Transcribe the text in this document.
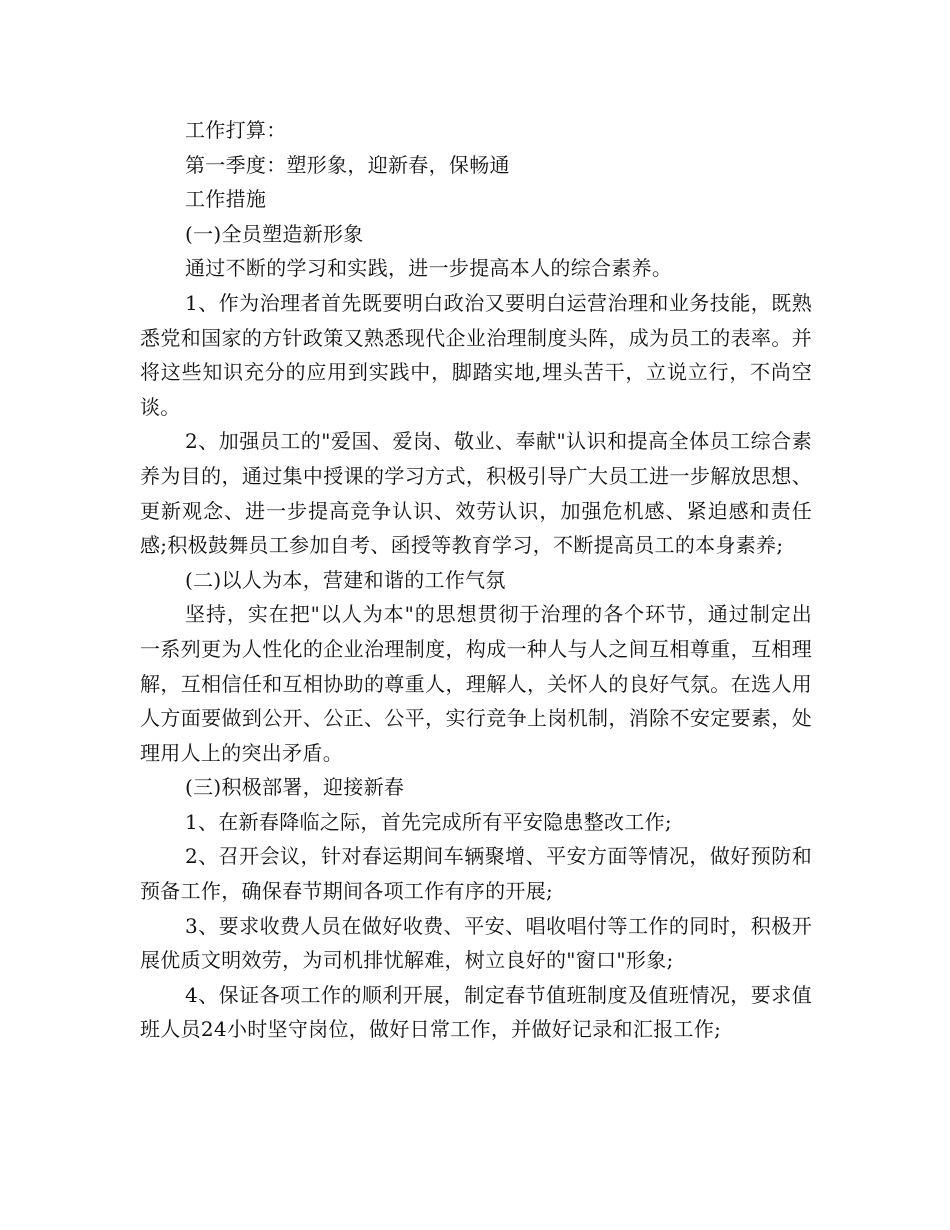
工作打算：

第一季度：塑形象，迎新春，保畅通

工作措施

(一)全员塑造新形象

通过不断的学习和实践，进一步提高本人的综合素养。

1、作为治理者首先既要明白政治又要明白运营治理和业务技能，既熟悉党和国家的方针政策又熟悉现代企业治理制度头阵，成为员工的表率。并将这些知识充分的应用到实践中，脚踏实地,埋头苦干，立说立行，不尚空谈。

2、加强员工的"爱国、爱岗、敬业、奉献"认识和提高全体员工综合素养为目的，通过集中授课的学习方式，积极引导广大员工进一步解放思想、更新观念、进一步提高竞争认识、效劳认识，加强危机感、紧迫感和责任感;积极鼓舞员工参加自考、函授等教育学习，不断提高员工的本身素养;

(二)以人为本，营建和谐的工作气氛

坚持，实在把"以人为本"的思想贯彻于治理的各个环节，通过制定出一系列更为人性化的企业治理制度，构成一种人与人之间互相尊重，互相理解，互相信任和互相协助的尊重人，理解人，关怀人的良好气氛。在选人用人方面要做到公开、公正、公平，实行竞争上岗机制，消除不安定要素，处理用人上的突出矛盾。

(三)积极部署，迎接新春

1、在新春降临之际，首先完成所有平安隐患整改工作;

2、召开会议，针对春运期间车辆聚增、平安方面等情况，做好预防和预备工作，确保春节期间各项工作有序的开展;

3、要求收费人员在做好收费、平安、唱收唱付等工作的同时，积极开展优质文明效劳，为司机排忧解难，树立良好的"窗口"形象;

4、保证各项工作的顺利开展，制定春节值班制度及值班情况，要求值班人员24小时坚守岗位，做好日常工作，并做好记录和汇报工作;
